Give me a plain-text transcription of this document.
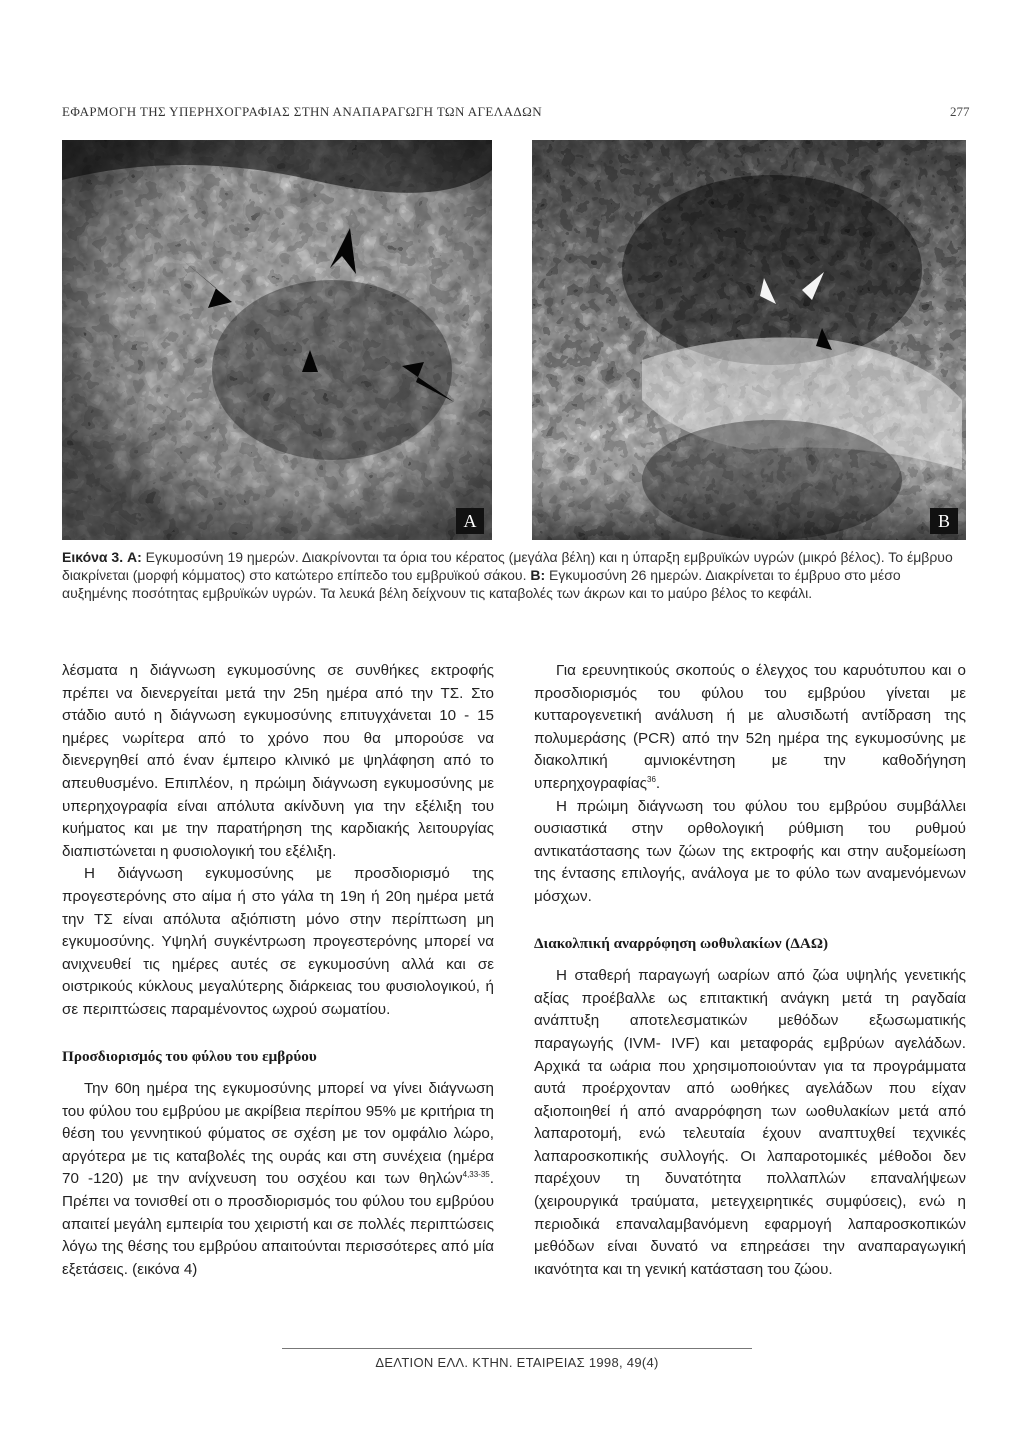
ΕΦΑΡΜΟΓΗ ΤΗΣ ΥΠΕΡΗΧΟΓΡΑΦΙΑΣ ΣΤΗΝ ΑΝΑΠΑΡΑΓΩΓΗ ΤΩΝ ΑΓΕΛΑΔΩΝ	277
A	B
Εικόνα 3. A: Εγκυμοσύνη 19 ημερών. Διακρίνονται τα όρια του κέρατος (μεγάλα βέλη) και η ύπαρξη εμβρυϊκών υγρών (μικρό βέλος). Το έμβρυο διακρίνεται (μορφή κόμματος) στο κατώτερο επίπεδο του εμβρυϊκού σάκου. B: Εγκυμοσύνη 26 ημερών. Διακρίνεται το έμβρυο στο μέσο αυξημένης ποσότητας εμβρυϊκών υγρών. Τα λευκά βέλη δείχνουν τις καταβολές των άκρων και το μαύρο βέλος το κεφάλι.

λέσματα η διάγνωση εγκυμοσύνης σε συνθήκες εκτροφής πρέπει να διενεργείται μετά την 25η ημέρα από την ΤΣ. Στο στάδιο αυτό η διάγνωση εγκυμοσύνης επιτυγχάνεται 10 - 15 ημέρες νωρίτερα από το χρόνο που θα μπορούσε να διενεργηθεί από έναν έμπειρο κλινικό με ψηλάφηση από το απευθυσμένο. Επιπλέον, η πρώιμη διάγνωση εγκυμοσύνης με υπερηχογραφία είναι απόλυτα ακίνδυνη για την εξέλιξη του κυήματος και με την παρατήρηση της καρδιακής λειτουργίας διαπιστώνεται η φυσιολογική του εξέλιξη.

Η διάγνωση εγκυμοσύνης με προσδιορισμό της προγεστερόνης στο αίμα ή στο γάλα τη 19η ή 20η ημέρα μετά την ΤΣ είναι απόλυτα αξιόπιστη μόνο στην περίπτωση μη εγκυμοσύνης. Υψηλή συγκέντρωση προγεστερόνης μπορεί να ανιχνευθεί τις ημέρες αυτές σε εγκυμοσύνη αλλά και σε οιστρικούς κύκλους μεγαλύτερης διάρκειας του φυσιολογικού, ή σε περιπτώσεις παραμένοντος ωχρού σωματίου.

Προσδιορισμός του φύλου του εμβρύου

Την 60η ημέρα της εγκυμοσύνης μπορεί να γίνει διάγνωση του φύλου του εμβρύου με ακρίβεια περίπου 95% με κριτήρια τη θέση του γεννητικού φύματος σε σχέση με τον ομφάλιο λώρο, αργότερα με τις καταβολές της ουράς και στη συνέχεια (ημέρα 70 -120) με την ανίχνευση του οσχέου και των θηλών$^{4,33-35}$. Πρέπει να τονισθεί οτι ο προσδιορισμός του φύλου του εμβρύου απαιτεί μεγάλη εμπειρία του χειριστή και σε πολλές περιπτώσεις λόγω της θέσης του εμβρύου απαιτούνται περισσότερες από μία εξετάσεις. (εικόνα 4)

Για ερευνητικούς σκοπούς ο έλεγχος του καρυότυπου και ο προσδιορισμός του φύλου του εμβρύου γίνεται με κυτταρογενετική ανάλυση ή με αλυσιδωτή αντίδραση της πολυμεράσης (PCR) από την 52η ημέρα της εγκυμοσύνης με διακολπική αμνιοκέντηση με την καθοδήγηση υπερηχογραφίας$^{36}$.

Η πρώιμη διάγνωση του φύλου του εμβρύου συμβάλλει ουσιαστικά στην ορθολογική ρύθμιση του ρυθμού αντικατάστασης των ζώων της εκτροφής και στην αυξομείωση της έντασης επιλογής, ανάλογα με το φύλο των αναμενόμενων μόσχων.

Διακολπική αναρρόφηση ωοθυλακίων (ΔΑΩ)

Η σταθερή παραγωγή ωαρίων από ζώα υψηλής γενετικής αξίας προέβαλλε ως επιτακτική ανάγκη μετά τη ραγδαία ανάπτυξη αποτελεσματικών μεθόδων εξωσωματικής παραγωγής (IVM- IVF) και μεταφοράς εμβρύων αγελάδων. Αρχικά τα ωάρια που χρησιμοποιούνταν για τα προγράμματα αυτά προέρχονταν από ωοθήκες αγελάδων που είχαν αξιοποιηθεί ή από αναρρόφηση των ωοθυλακίων μετά από λαπαροτομή, ενώ τελευταία έχουν αναπτυχθεί τεχνικές λαπαροσκοπικής συλλογής. Οι λαπαροτομικές μέθοδοι δεν παρέχουν τη δυνατότητα πολλαπλών επαναλήψεων (χειρουργικά τραύματα, μετεγχειρητικές συμφύσεις), ενώ η περιοδικά επαναλαμβανόμενη εφαρμογή λαπαροσκοπικών μεθόδων είναι δυνατό να επηρεάσει την αναπαραγωγική ικανότητα και τη γενική κατάσταση του ζώου.

ΔΕΛΤΙΟΝ ΕΛΛ. ΚΤΗΝ. ΕΤΑΙΡΕΙΑΣ 1998, 49(4)
